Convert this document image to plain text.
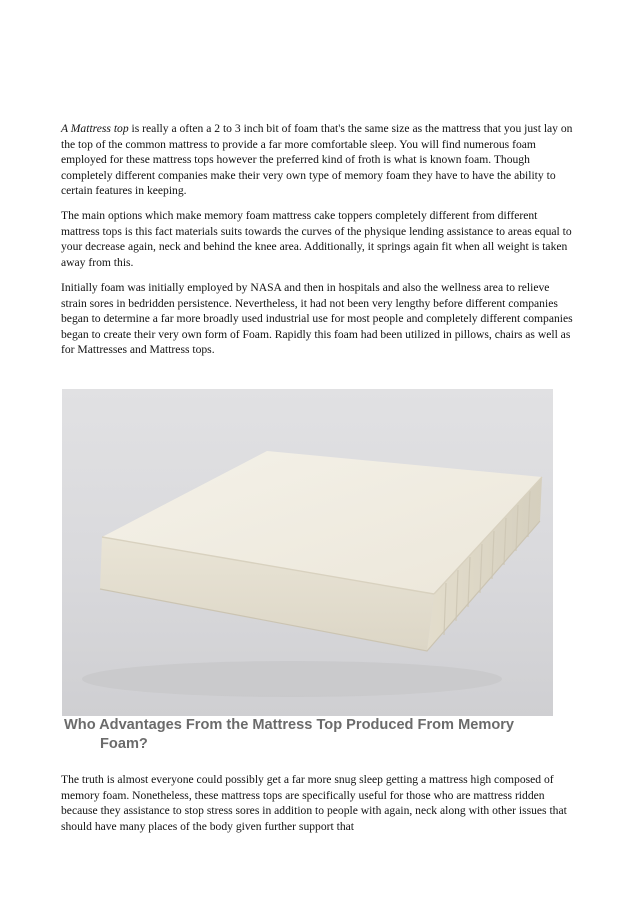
A Mattress top is really a often a 2 to 3 inch bit of foam that's the same size as the mattress that you just lay on the top of the common mattress to provide a far more comfortable sleep. You will find numerous foam employed for these mattress tops however the preferred kind of froth is what is known foam. Though completely different companies make their very own type of memory foam they have to have the ability to certain features in keeping.

The main options which make memory foam mattress cake toppers completely different from different mattress tops is this fact materials suits towards the curves of the physique lending assistance to areas equal to your decrease again, neck and behind the knee area. Additionally, it springs again fit when all weight is taken away from this.

Initially foam was initially employed by NASA and then in hospitals and also the wellness area to relieve strain sores in bedridden persistence. Nevertheless, it had not been very lengthy before different companies began to determine a far more broadly used industrial use for most people and completely different companies began to create their very own form of Foam. Rapidly this foam had been utilized in pillows, chairs as well as for Mattresses and Mattress tops.

Who Advantages From the Mattress Top Produced From Memory
Foam?

The truth is almost everyone could possibly get a far more snug sleep getting a mattress high composed of memory foam. Nonetheless, these mattress tops are specifically useful for those who are mattress ridden because they assistance to stop stress sores in addition to people with again, neck along with other issues that should have many places of the body given further support that
